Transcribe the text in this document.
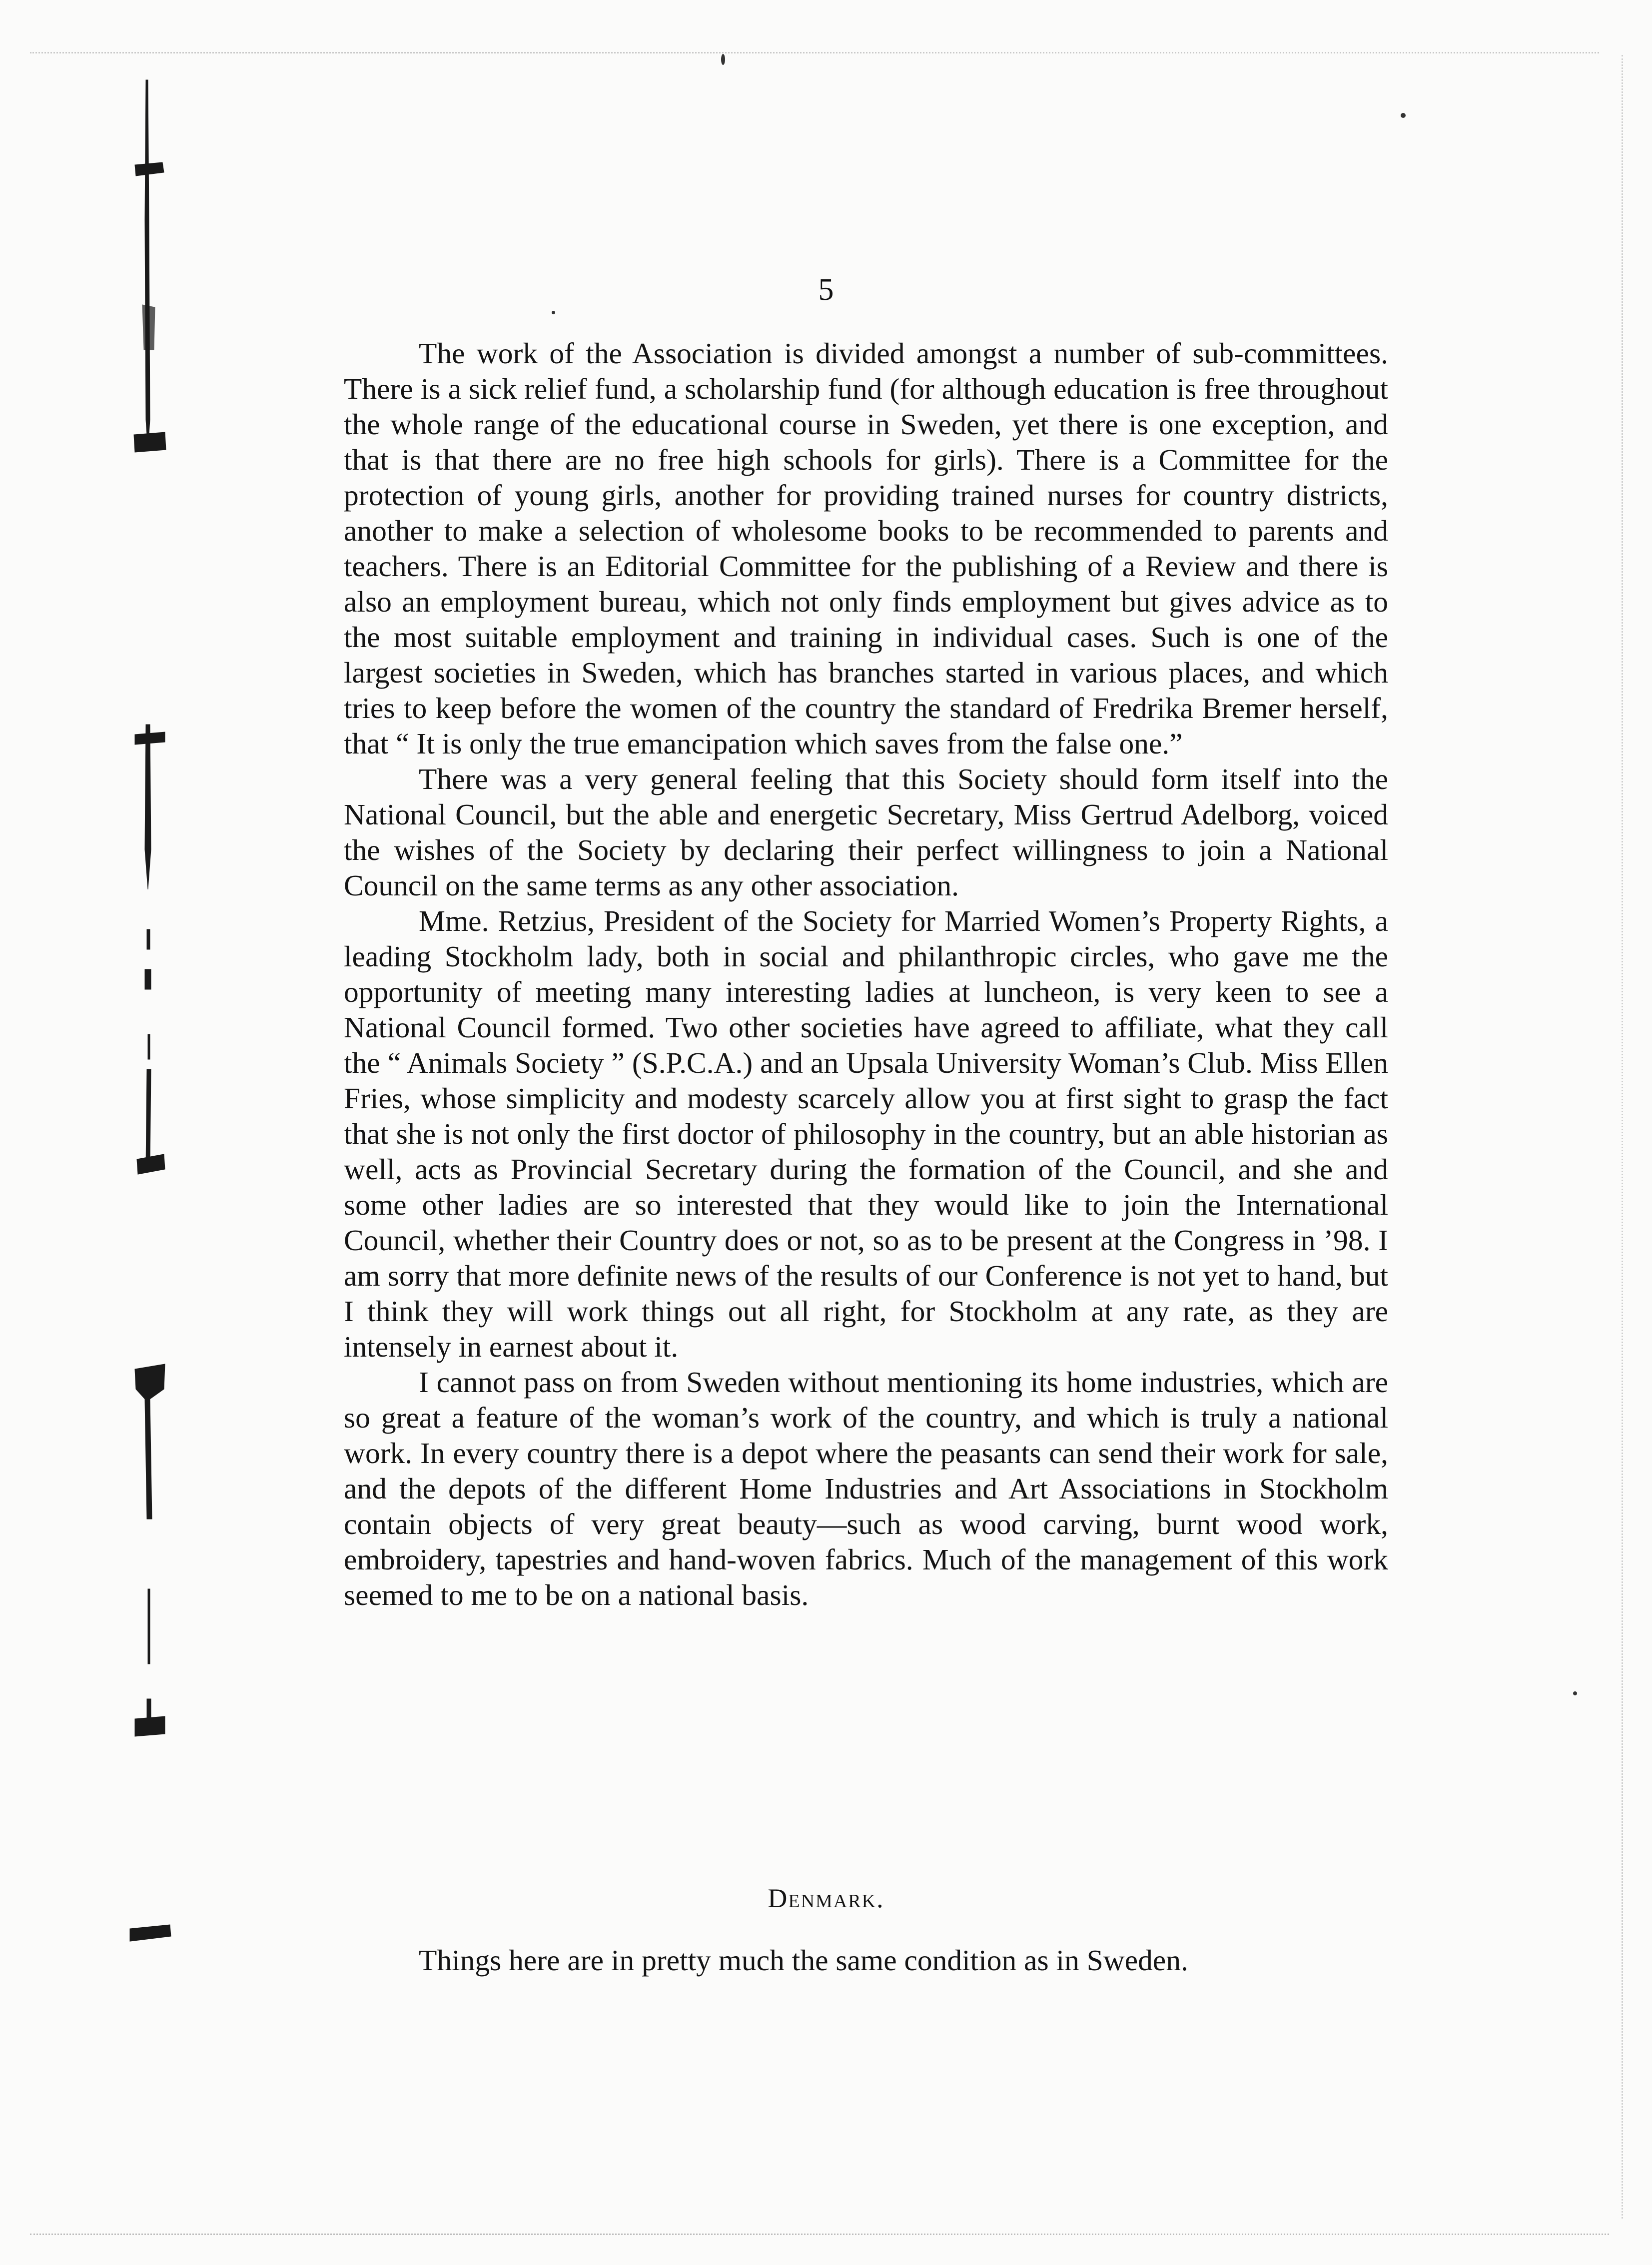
5

The work of the Association is divided amongst a number of sub-committees. There is a sick relief fund, a scholarship fund (for although education is free throughout the whole range of the educational course in Sweden, yet there is one exception, and that is that there are no free high schools for girls). There is a Committee for the protection of young girls, another for providing trained nurses for country districts, another to make a selection of wholesome books to be recommended to parents and teachers. There is an Editorial Committee for the publishing of a Review and there is also an employment bureau, which not only finds employment but gives advice as to the most suitable employment and training in individual cases. Such is one of the largest societies in Sweden, which has branches started in various places, and which tries to keep before the women of the country the standard of Fredrika Bremer herself, that “ It is only the true emancipation which saves from the false one.”

There was a very general feeling that this Society should form itself into the National Council, but the able and energetic Secretary, Miss Gertrud Adelborg, voiced the wishes of the Society by declaring their perfect willingness to join a National Council on the same terms as any other association.

Mme. Retzius, President of the Society for Married Women’s Property Rights, a leading Stockholm lady, both in social and philanthropic circles, who gave me the opportunity of meeting many interesting ladies at luncheon, is very keen to see a National Council formed. Two other societies have agreed to affiliate, what they call the “ Animals Society ” (S.P.C.A.) and an Upsala University Woman’s Club. Miss Ellen Fries, whose simplicity and modesty scarcely allow you at first sight to grasp the fact that she is not only the first doctor of philosophy in the country, but an able historian as well, acts as Provincial Secretary during the formation of the Council, and she and some other ladies are so interested that they would like to join the International Council, whether their Country does or not, so as to be present at the Congress in ’98. I am sorry that more definite news of the results of our Conference is not yet to hand, but I think they will work things out all right, for Stockholm at any rate, as they are intensely in earnest about it.

I cannot pass on from Sweden without mentioning its home industries, which are so great a feature of the woman’s work of the country, and which is truly a national work. In every country there is a depot where the peasants can send their work for sale, and the depots of the different Home Industries and Art Associations in Stockholm contain objects of very great beauty—such as wood carving, burnt wood work, embroidery, tapestries and hand-woven fabrics. Much of the management of this work seemed to me to be on a national basis.

Denmark.

Things here are in pretty much the same condition as in Sweden.
